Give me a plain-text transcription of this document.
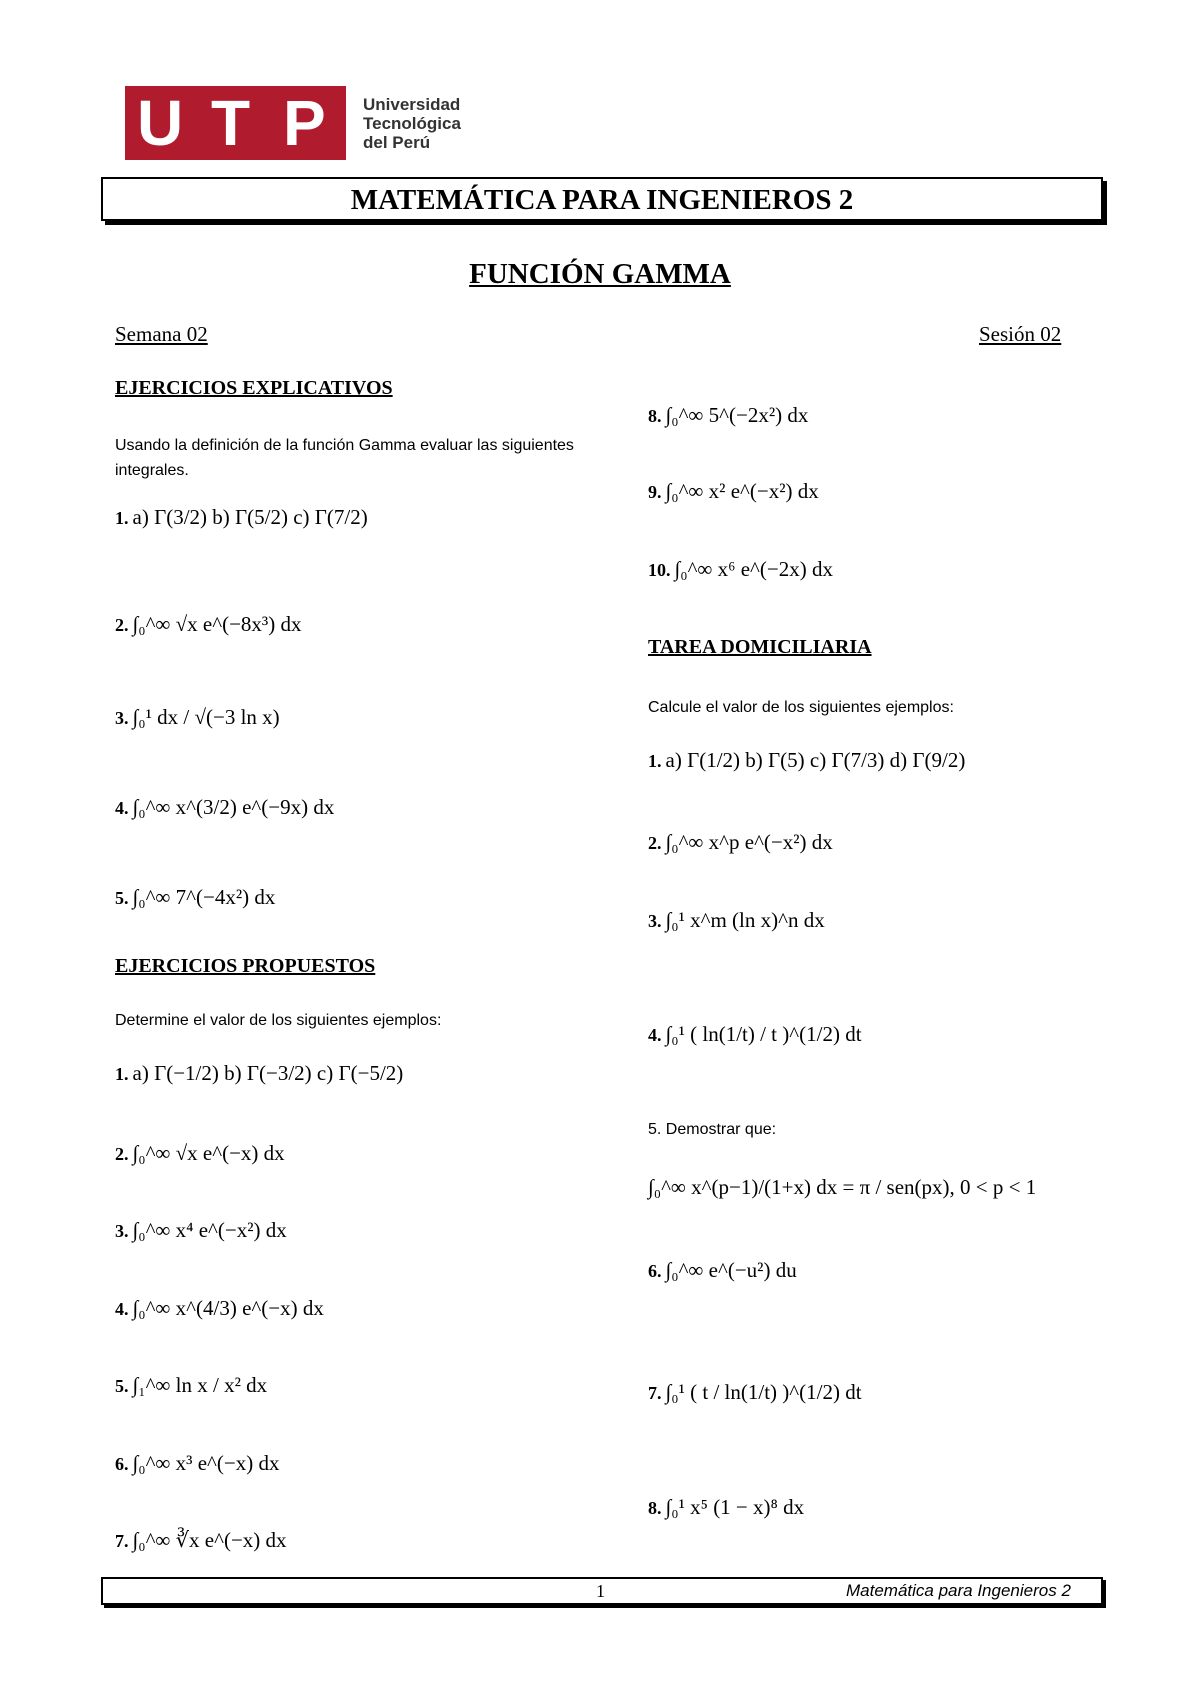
U T P Universidad
Tecnológica
del Perú
MATEMÁTICA PARA INGENIEROS 2
FUNCIÓN GAMMA
Semana 02	Sesión 02
EJERCICIOS EXPLICATIVOS
Usando la definición de la función Gamma evaluar las siguientes integrales.
1. a) Γ(3/2) b) Γ(5/2) c) Γ(7/2)
2. ∫₀^∞ √x e^(−8x³) dx
3. ∫₀¹ dx / √(−3 ln x)
4. ∫₀^∞ x^(3/2) e^(−9x) dx
5. ∫₀^∞ 7^(−4x²) dx
EJERCICIOS PROPUESTOS
Determine el valor de los siguientes ejemplos:
1. a) Γ(−1/2) b) Γ(−3/2) c) Γ(−5/2)
2. ∫₀^∞ √x e^(−x) dx
3. ∫₀^∞ x⁴ e^(−x²) dx
4. ∫₀^∞ x^(4/3) e^(−x) dx
5. ∫₁^∞ ln x / x² dx
6. ∫₀^∞ x³ e^(−x) dx
7. ∫₀^∞ ∛x e^(−x) dx
8. ∫₀^∞ 5^(−2x²) dx
9. ∫₀^∞ x² e^(−x²) dx
10. ∫₀^∞ x⁶ e^(−2x) dx
TAREA DOMICILIARIA
Calcule el valor de los siguientes ejemplos:
1. a) Γ(1/2) b) Γ(5) c) Γ(7/3) d) Γ(9/2)
2. ∫₀^∞ x^p e^(−x²) dx
3. ∫₀¹ x^m (ln x)^n dx
4. ∫₀¹ ( ln(1/t) / t )^(1/2) dt
5. Demostrar que:
∫₀^∞ x^(p−1)/(1+x) dx = π / sen(px), 0 < p < 1
6. ∫₀^∞ e^(−u²) du
7. ∫₀¹ ( t / ln(1/t) )^(1/2) dt
8. ∫₀¹ x⁵ (1 − x)⁸ dx
1	Matemática para Ingenieros 2
